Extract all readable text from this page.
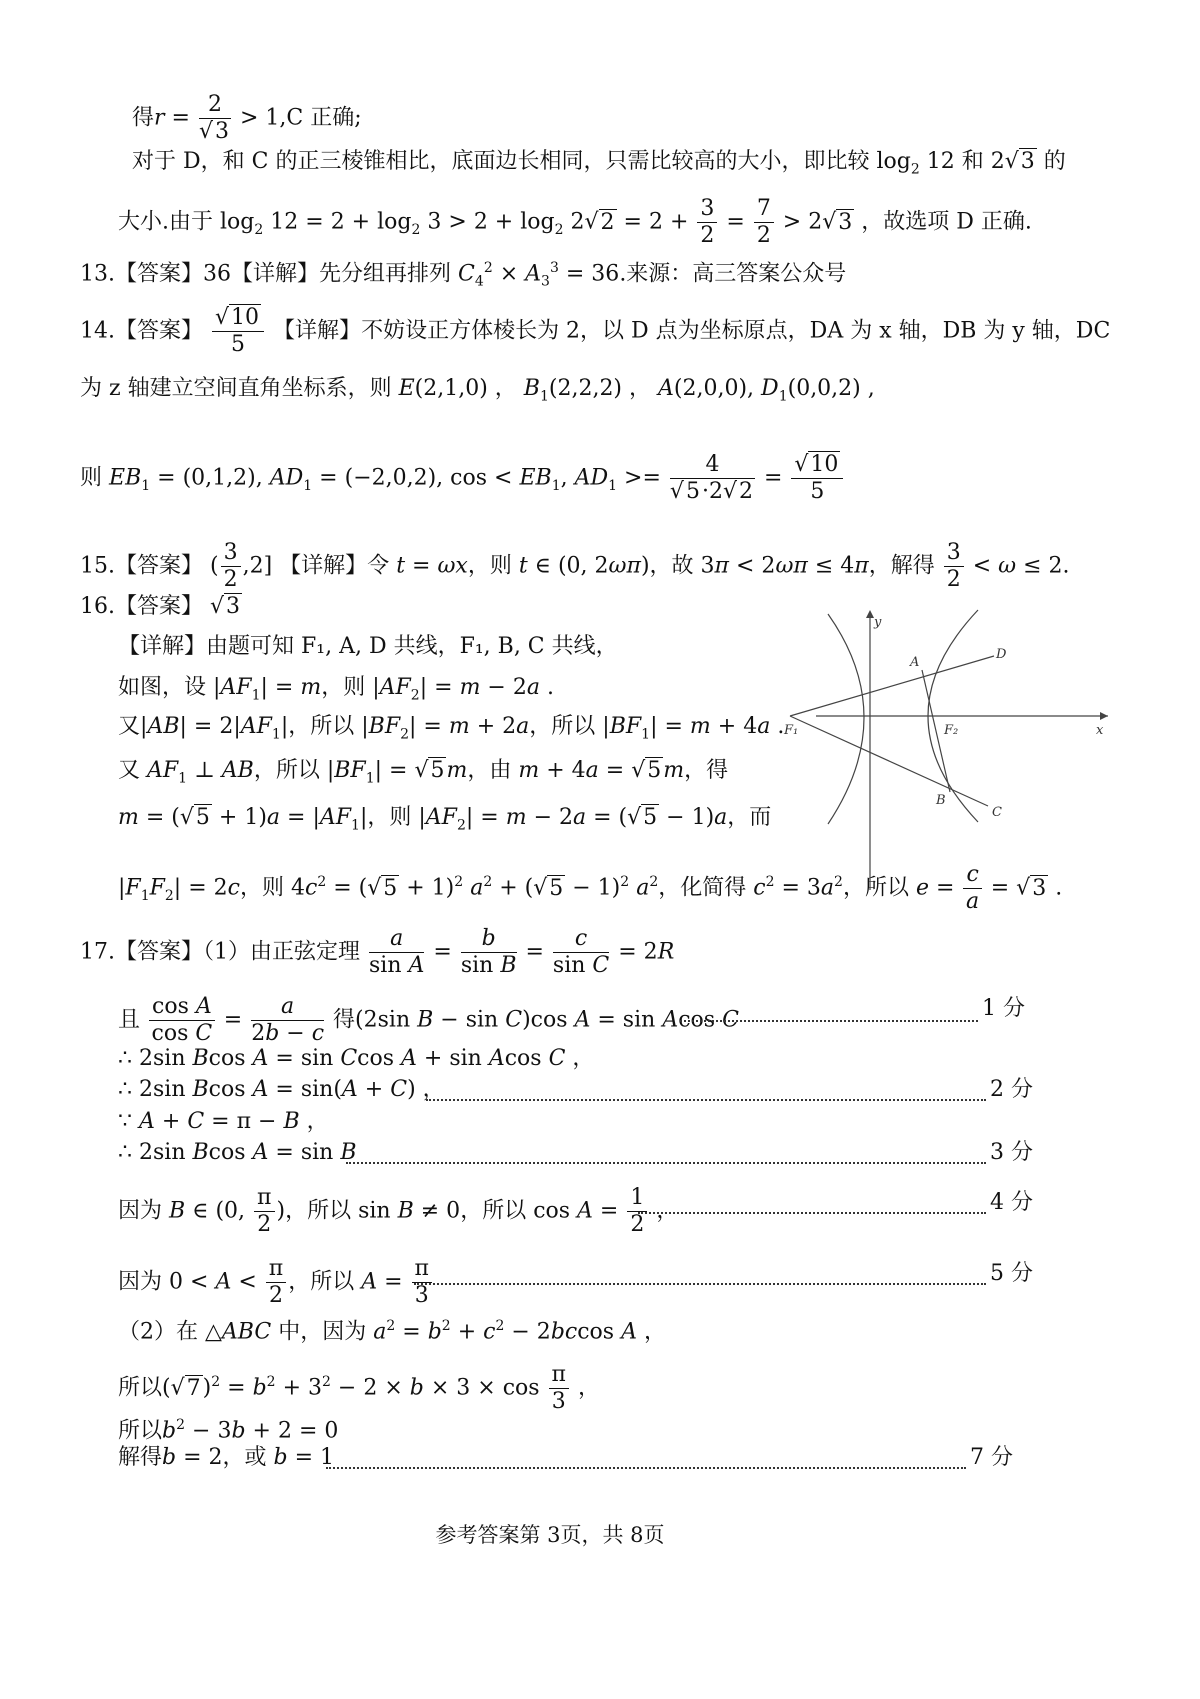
得$r = \frac{2}{√3} > 1,C$ 正确;
对于 D，和 C 的正三棱锥相比，底面边长相同，只需比较高的大小，即比较 $\log_2 12$ 和 2√3 的
大小.由于 $\log_2 12 = 2 + \log_2 3 > 2 + \log_2 2√2 = 2 + \frac{3}{2} = \frac{7}{2} > 2√3$ ，故选项 D 正确.
13.【答案】36【详解】先分组再排列 $C_4^2 \times A_3^3 = 36$.来源：高三答案公众号
14.【答案】 $\frac{√10}{5}$ 【详解】不妨设正方体棱长为 2，以 D 点为坐标原点，DA 为 x 轴，DB 为 y 轴，DC
为 z 轴建立空间直角坐标系，则 E(2,1,0) ， $B_1(2,2,2)$ ， A(2,0,0), $D_1(0,0,2)$ ,
则 $EB_1 = (0,1,2)$, $AD_1 = (-2,0,2)$, $\cos < EB_1$, $AD_1 >= \frac{4}{√5\cdot 2√2} = \frac{√10}{5}$
15.【答案】 ( $\frac{3}{2} ,2$] 【详解】令 t = ωx，则 t ∈ (0, 2ωπ)，故 3π < 2ωπ ≤ 4π，解得 $\frac{3}{2} < \omega \le 2$.
16.【答案】 √3
【详解】由题可知 F₁, A, D 共线，F₁, B, C 共线，
如图，设 $|AF_1| = m$，则 $|AF_2| = m - 2a$ .
又$|AB| = 2|AF_1|$，所以 $|BF_2| = m + 2a$，所以 $|BF_1| = m + 4a$ .
又 $AF_1$ ⊥ AB，所以 $|BF_1| = √5m$，由 m + 4a = √5m，得
$m = (√5 + 1)a = |AF_1|$，则 $|AF_2| = m - 2a = (√5 - 1)a$，而
$|F_1F_2| = 2c$，则 $4c^2 = (√5 + 1)^2$ $a^2 + (√5 - 1)^2$ $a^2$，化简得 $c^2 = 3a^2$，所以 $e = \frac{c}{a} = √3$ .
y
x
A
D
F₁	F₂
B
C
17.【答案】（1）由正弦定理 $\frac{a}{\text{sin A}} = \frac{b}{\text{sin B}} = \frac{c}{\text{sin C}} = 2R$
且 $\frac{\text{cos A}}{\text{cos C}} = \frac{a}{2b - c}$ 得(2sin B − sin C)cos A = sin Acos C	1 分
∴ 2sin Bcos A = sin Ccos A + sin Acos C ，
∴ 2sin Bcos A = sin(A + C) ，	2 分
∵ A + C = π − B ，
∴ 2sin Bcos A = sin B	3 分
因为 B ∈ (0, $\frac{\pi}{2}$ )，所以 sin B ≠ 0，所以 $\cos A = \frac{1}{2}$ ，	4 分
因为 $0 < A < \frac{\pi}{2}$ ，所以 $A = \frac{\pi}{3}$	5 分
（2）在 △ABC 中，因为 $a^2 = b^2 + c^2 - 2bccos$ A ，
所以$(√7)^2 = b^2 + 3^2 - 2 \times b \times 3 \times \cos \frac{\pi}{3}$ ，
所以$b^2 - 3b + 2 = 0$
解得b = 2，或 b = 1	7 分
参考答案第 3页，共 8页
